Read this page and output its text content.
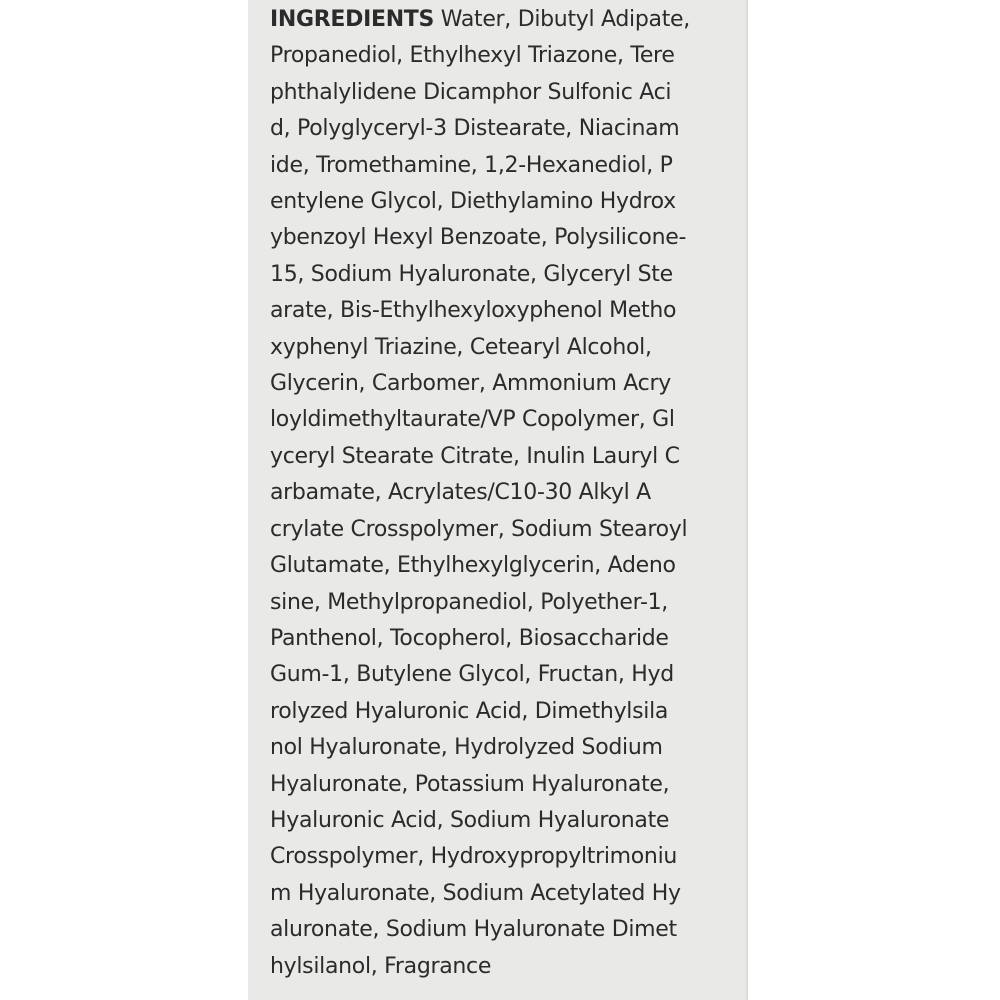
INGREDIENTS Water, Dibutyl Adipate,
Propanediol, Ethylhexyl Triazone, Tere
phthalylidene Dicamphor Sulfonic Aci
d, Polyglyceryl-3 Distearate, Niacinam
ide, Tromethamine, 1,2-Hexanediol, P
entylene Glycol, Diethylamino Hydrox
ybenzoyl Hexyl Benzoate, Polysilicone-
15, Sodium Hyaluronate, Glyceryl Ste
arate, Bis-Ethylhexyloxyphenol Metho
xyphenyl Triazine, Cetearyl Alcohol,
Glycerin, Carbomer, Ammonium Acry
loyldimethyltaurate/VP Copolymer, Gl
yceryl Stearate Citrate, Inulin Lauryl C
arbamate, Acrylates/C10-30 Alkyl A
crylate Crosspolymer, Sodium Stearoyl
Glutamate, Ethylhexylglycerin, Adeno
sine, Methylpropanediol, Polyether-1,
Panthenol, Tocopherol, Biosaccharide
Gum-1, Butylene Glycol, Fructan, Hyd
rolyzed Hyaluronic Acid, Dimethylsila
nol Hyaluronate, Hydrolyzed Sodium
Hyaluronate, Potassium Hyaluronate,
Hyaluronic Acid, Sodium Hyaluronate
Crosspolymer, Hydroxypropyltrimoniu
m Hyaluronate, Sodium Acetylated Hy
aluronate, Sodium Hyaluronate Dimet
hylsilanol, Fragrance
